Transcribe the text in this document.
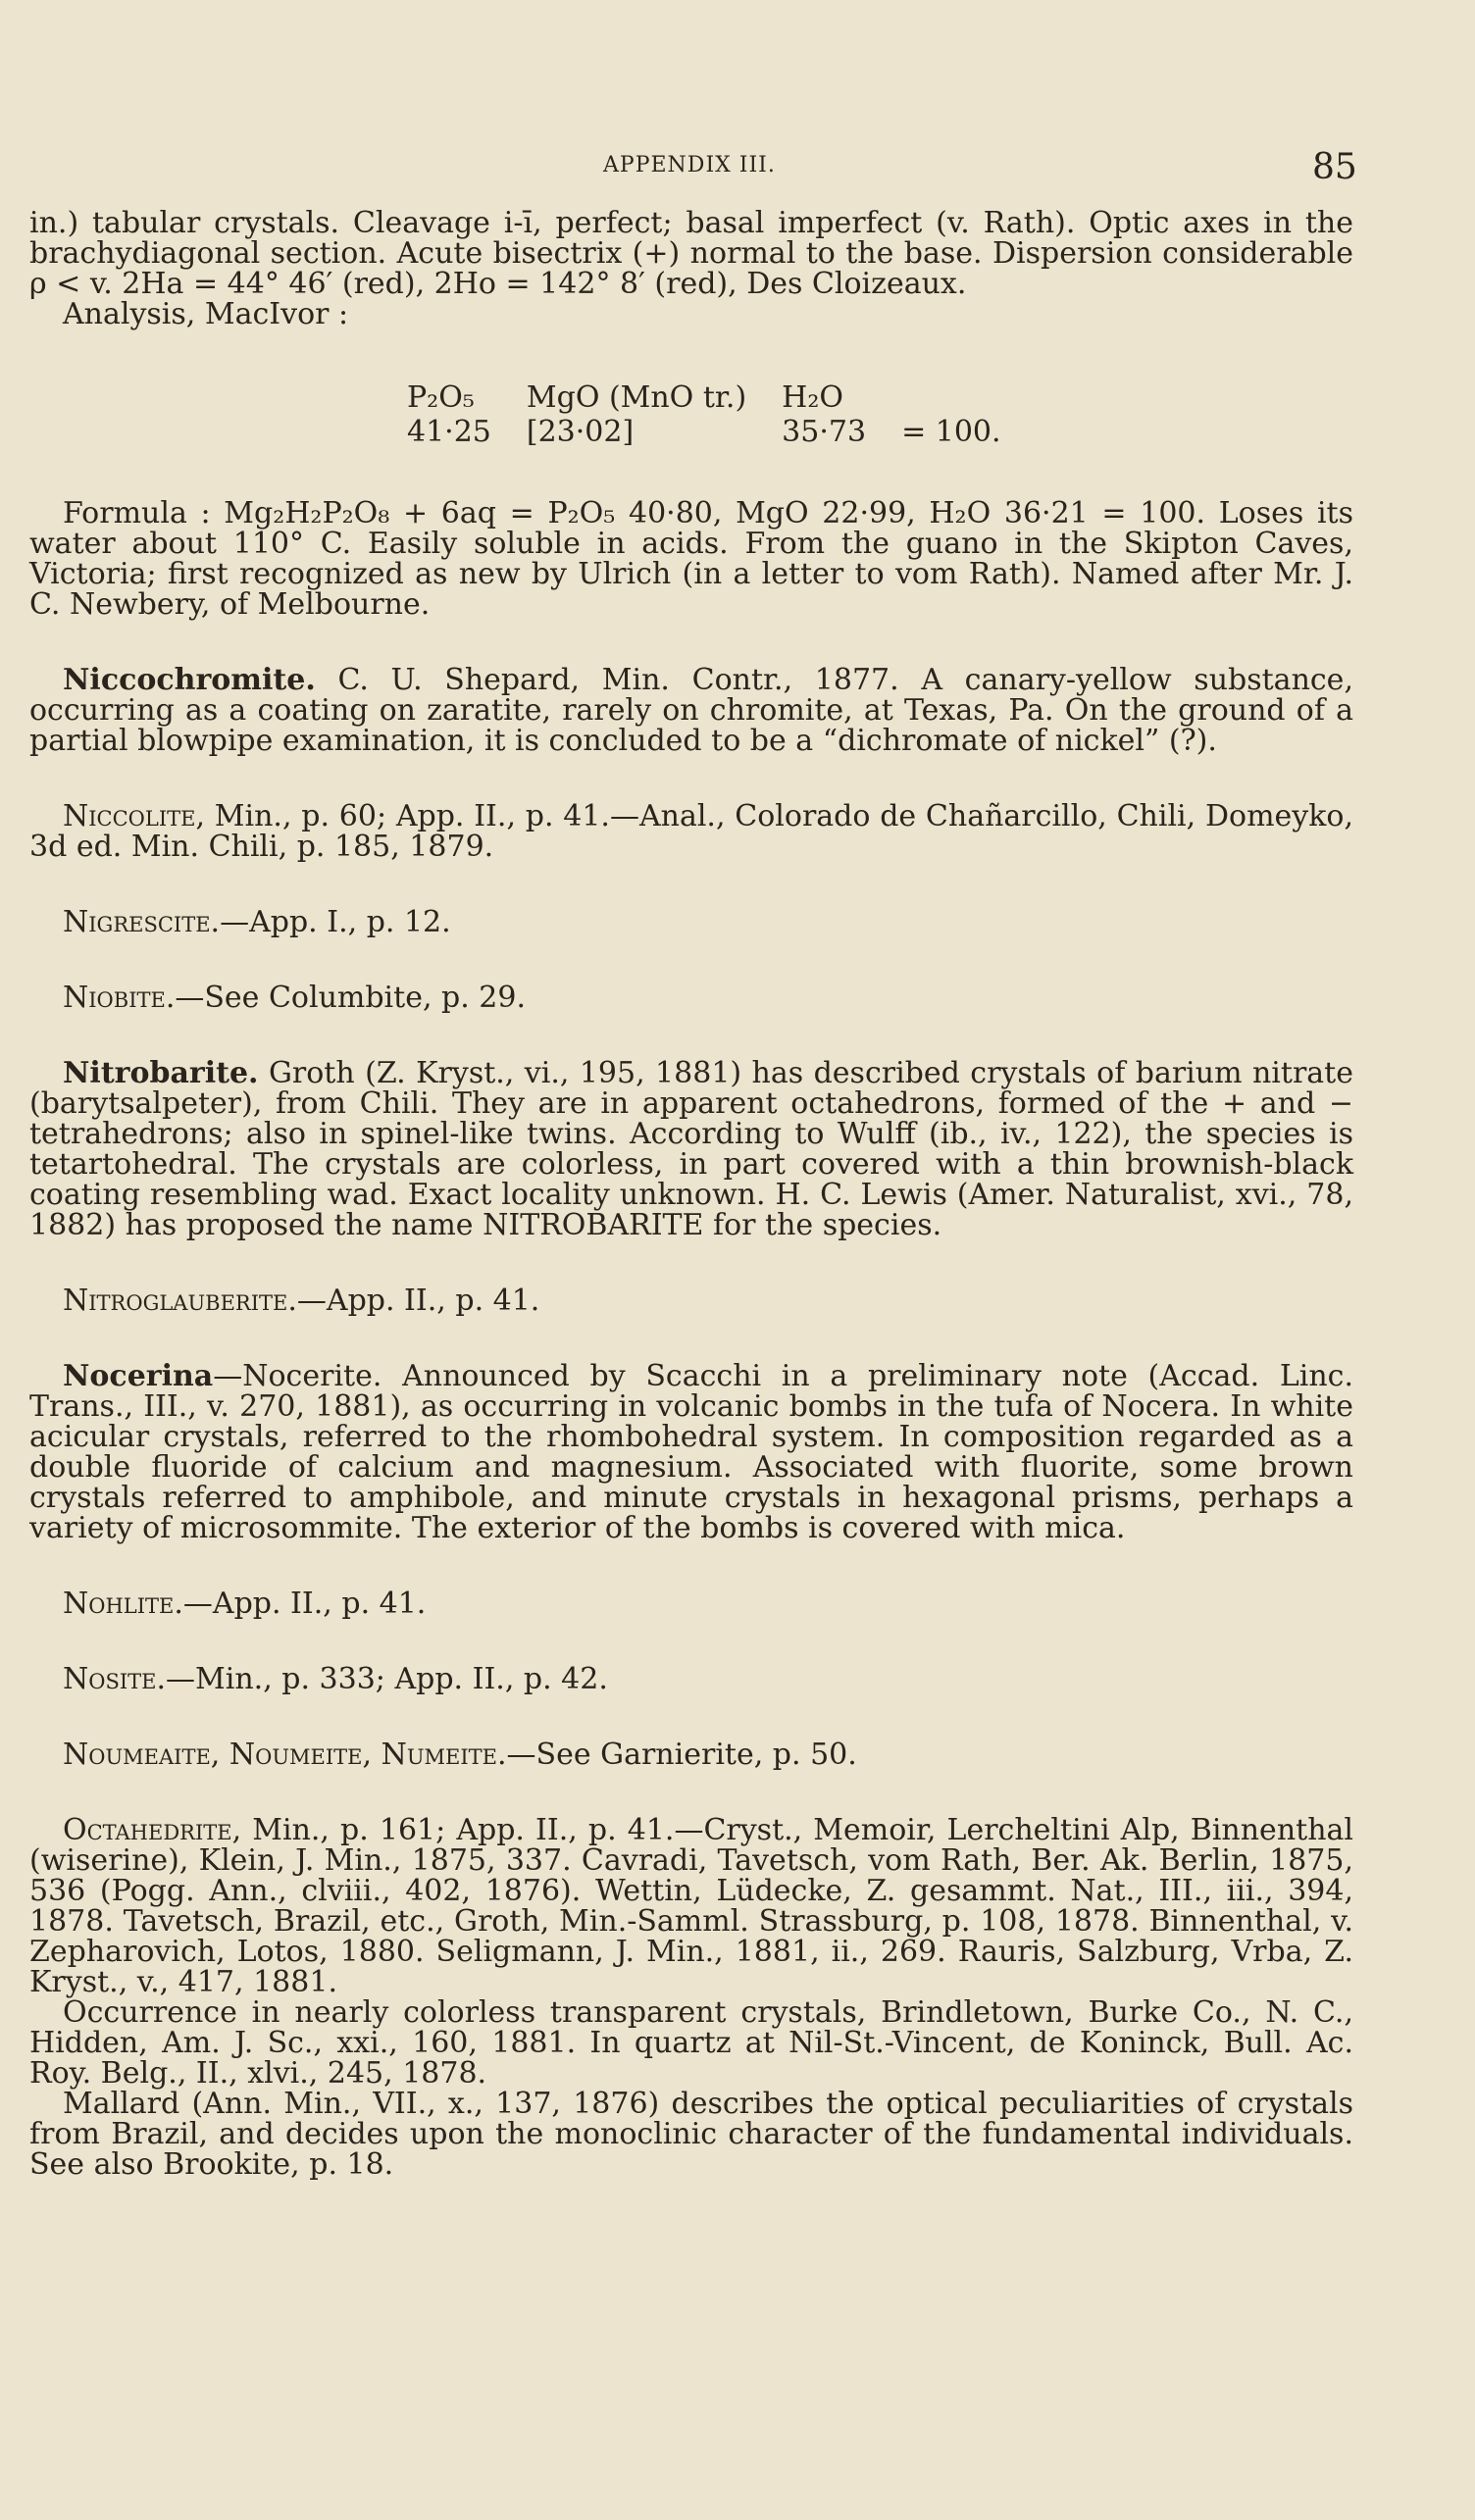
APPENDIX III.	85

in.) tabular crystals. Cleavage i-ī, perfect; basal imperfect (v. Rath). Optic axes in the brachydiagonal section. Acute bisectrix (+) normal to the base. Dispersion considerable ρ < v. 2Ha = 44° 46′ (red), 2Ho = 142° 8′ (red), Des Cloizeaux.

Analysis, MacIvor :

P₂O₅	MgO (MnO tr.)	H₂O	
41·25	[23·02]	35·73	= 100.

Formula : Mg₂H₂P₂O₈ + 6aq = P₂O₅ 40·80, MgO 22·99, H₂O 36·21 = 100. Loses its water about 110° C. Easily soluble in acids. From the guano in the Skipton Caves, Victoria; first recognized as new by Ulrich (in a letter to vom Rath). Named after Mr. J. C. Newbery, of Melbourne.

Niccochromite. C. U. Shepard, Min. Contr., 1877. A canary-yellow substance, occurring as a coating on zaratite, rarely on chromite, at Texas, Pa. On the ground of a partial blowpipe examination, it is concluded to be a “dichromate of nickel” (?).

Niccolite, Min., p. 60; App. II., p. 41.—Anal., Colorado de Chañarcillo, Chili, Domeyko, 3d ed. Min. Chili, p. 185, 1879.

Nigrescite.—App. I., p. 12.

Niobite.—See Columbite, p. 29.

Nitrobarite. Groth (Z. Kryst., vi., 195, 1881) has described crystals of barium nitrate (barytsalpeter), from Chili. They are in apparent octahedrons, formed of the + and − tetrahedrons; also in spinel-like twins. According to Wulff (ib., iv., 122), the species is tetartohedral. The crystals are colorless, in part covered with a thin brownish-black coating resembling wad. Exact locality unknown. H. C. Lewis (Amer. Naturalist, xvi., 78, 1882) has proposed the name NITROBARITE for the species.

Nitroglauberite.—App. II., p. 41.

Nocerina—Nocerite. Announced by Scacchi in a preliminary note (Accad. Linc. Trans., III., v. 270, 1881), as occurring in volcanic bombs in the tufa of Nocera. In white acicular crystals, referred to the rhombohedral system. In composition regarded as a double fluoride of calcium and magnesium. Associated with fluorite, some brown crystals referred to amphibole, and minute crystals in hexagonal prisms, perhaps a variety of microsommite. The exterior of the bombs is covered with mica.

Nohlite.—App. II., p. 41.

Nosite.—Min., p. 333; App. II., p. 42.

Noumeaite, Noumeite, Numeite.—See Garnierite, p. 50.

Octahedrite, Min., p. 161; App. II., p. 41.—Cryst., Memoir, Lercheltini Alp, Binnenthal (wiserine), Klein, J. Min., 1875, 337. Cavradi, Tavetsch, vom Rath, Ber. Ak. Berlin, 1875, 536 (Pogg. Ann., clviii., 402, 1876). Wettin, Lüdecke, Z. gesammt. Nat., III., iii., 394, 1878. Tavetsch, Brazil, etc., Groth, Min.-Samml. Strassburg, p. 108, 1878. Binnenthal, v. Zepharovich, Lotos, 1880. Seligmann, J. Min., 1881, ii., 269. Rauris, Salzburg, Vrba, Z. Kryst., v., 417, 1881.

Occurrence in nearly colorless transparent crystals, Brindletown, Burke Co., N. C., Hidden, Am. J. Sc., xxi., 160, 1881. In quartz at Nil-St.-Vincent, de Koninck, Bull. Ac. Roy. Belg., II., xlvi., 245, 1878.

Mallard (Ann. Min., VII., x., 137, 1876) describes the optical peculiarities of crystals from Brazil, and decides upon the monoclinic character of the fundamental individuals. See also Brookite, p. 18.
